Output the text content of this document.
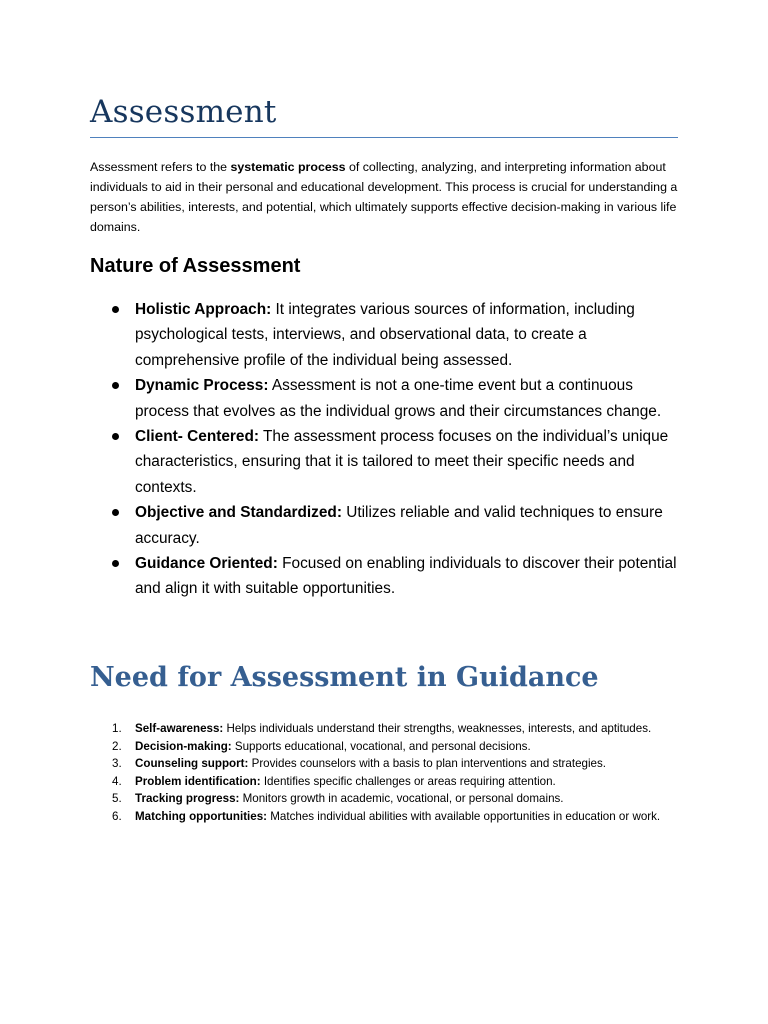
Assessment

Assessment refers to the systematic process of collecting, analyzing, and interpreting information about individuals to aid in their personal and educational development. This process is crucial for understanding a person’s abilities, interests, and potential, which ultimately supports effective decision-making in various life domains.

Nature of Assessment
Holistic Approach: It integrates various sources of information, including psychological tests, interviews, and observational data, to create a comprehensive profile of the individual being assessed.
Dynamic Process: Assessment is not a one-time event but a continuous process that evolves as the individual grows and their circumstances change.
Client- Centered: The assessment process focuses on the individual’s unique characteristics, ensuring that it is tailored to meet their specific needs and contexts.
Objective and Standardized: Utilizes reliable and valid techniques to ensure accuracy.
Guidance Oriented: Focused on enabling individuals to discover their potential and align it with suitable opportunities.
Need for Assessment in Guidance
1. Self-awareness: Helps individuals understand their strengths, weaknesses, interests, and aptitudes.
2. Decision-making: Supports educational, vocational, and personal decisions.
3. Counseling support: Provides counselors with a basis to plan interventions and strategies.
4. Problem identification: Identifies specific challenges or areas requiring attention.
5. Tracking progress: Monitors growth in academic, vocational, or personal domains.
6. Matching opportunities: Matches individual abilities with available opportunities in education or work.
